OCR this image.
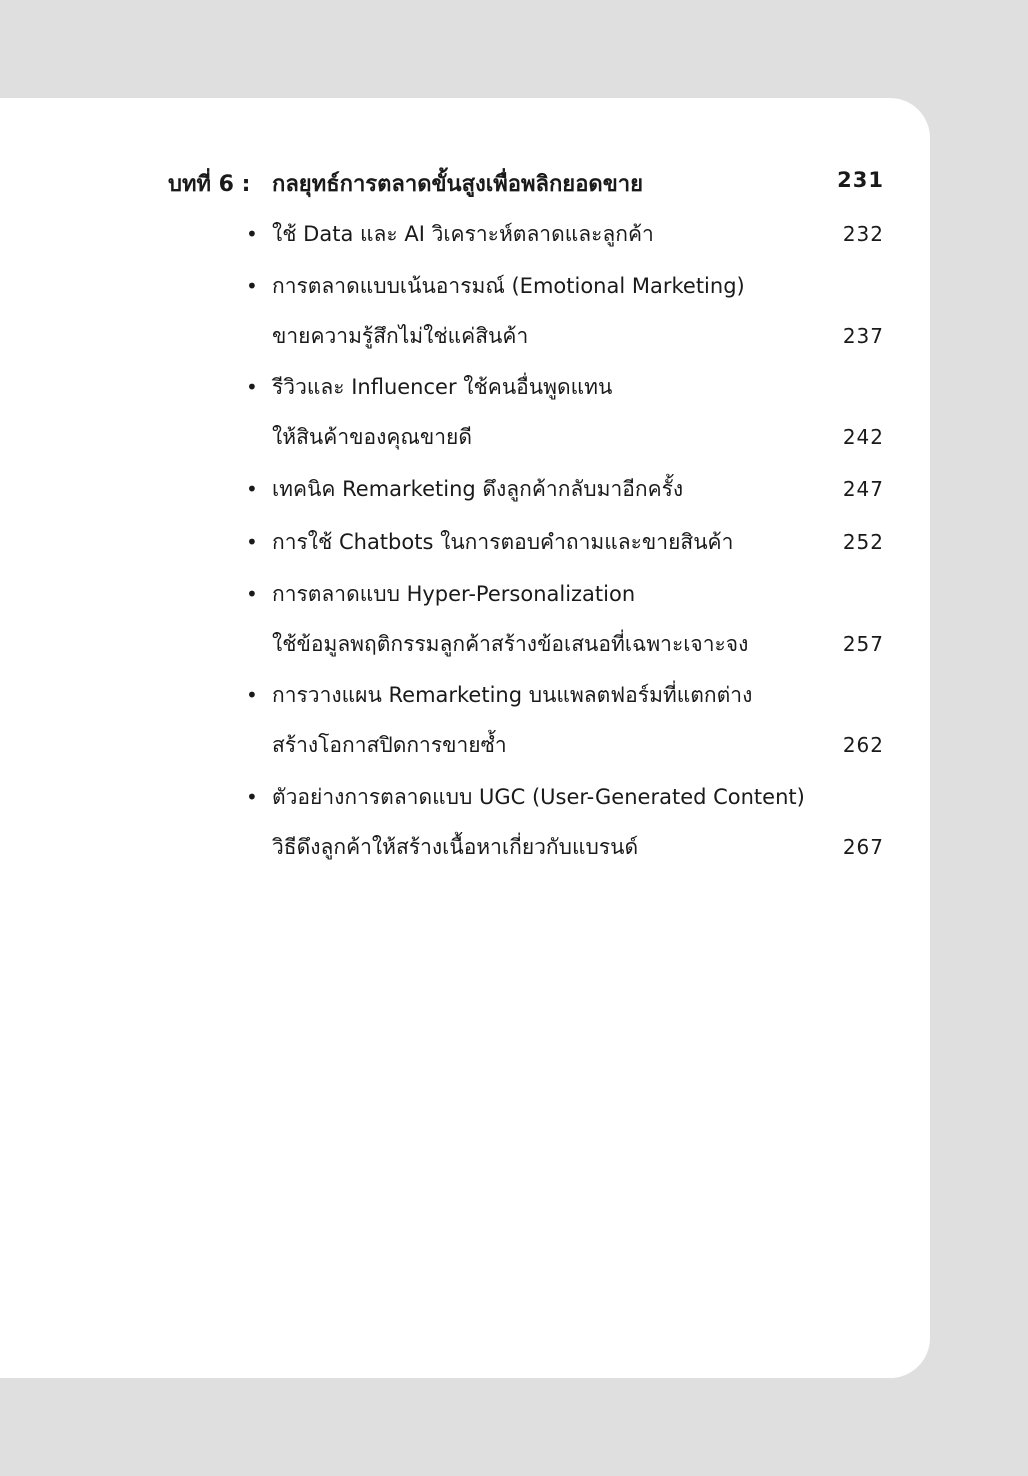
บทที่ 6 : กลยุทธ์การตลาดขั้นสูงเพื่อพลิกยอดขาย	231
• ใช้ Data และ AI วิเคราะห์ตลาดและลูกค้า	232
• การตลาดแบบเน้นอารมณ์ (Emotional Marketing)
ขายความรู้สึกไม่ใช่แค่สินค้า	237
• รีวิวและ Influencer ใช้คนอื่นพูดแทน
ให้สินค้าของคุณขายดี	242
• เทคนิค Remarketing ดึงลูกค้ากลับมาอีกครั้ง	247
• การใช้ Chatbots ในการตอบคำถามและขายสินค้า	252
• การตลาดแบบ Hyper-Personalization
ใช้ข้อมูลพฤติกรรมลูกค้าสร้างข้อเสนอที่เฉพาะเจาะจง	257
• การวางแผน Remarketing บนแพลตฟอร์มที่แตกต่าง
สร้างโอกาสปิดการขายซ้ำ	262
• ตัวอย่างการตลาดแบบ UGC (User-Generated Content)
วิธีดึงลูกค้าให้สร้างเนื้อหาเกี่ยวกับแบรนด์	267
